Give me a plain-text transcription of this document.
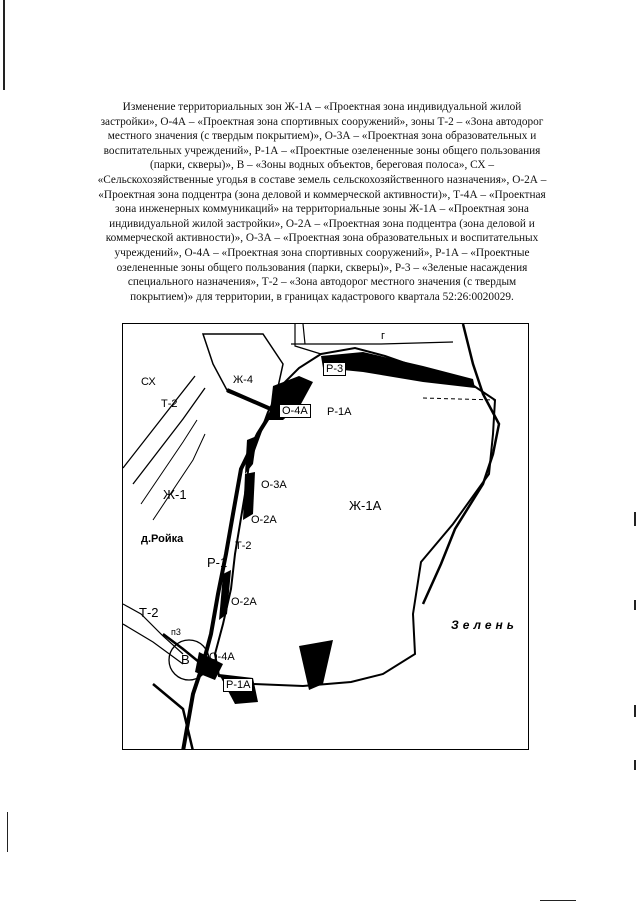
Изменение территориальных зон Ж-1А – «Проектная зона индивидуальной жилой застройки», О-4А – «Проектная зона спортивных сооружений», зоны Т-2 – «Зона автодорог местного значения (с твердым покрытием)», О-3А – «Проектная зона образовательных и воспитательных учреждений», Р-1А – «Проектные озелененные зоны общего пользования (парки, скверы)», В – «Зоны водных объектов, береговая полоса», СХ – «Сельскохозяйственные угодья в составе земель сельскохозяйственного назначения», О-2А – «Проектная зона подцентра (зона деловой и коммерческой активности)», Т-4А – «Проектная зона инженерных коммуникаций» на территориальные зоны Ж-1А – «Проектная зона индивидуальной жилой застройки», О-2А – «Проектная зона подцентра (зона деловой и коммерческой активности)», О-3А – «Проектная зона образовательных и воспитательных учреждений», О-4А – «Проектная зона спортивных сооружений», Р-1А – «Проектные озелененные зоны общего пользования (парки, скверы)», Р-3 – «Зеленые насаждения специального назначения», Т-2 – «Зона автодорог местного значения (с твердым покрытием)» для территории, в границах кадастрового квартала 52:26:0020029.

СХ	Ж-4
Т-2
Р-3
О-4А Р-1А
г
Ж-1
О-3А
О-2А
Ж-1А
д.Ройка
Т-2
Р-1
О-2А
Т-2
п3
В О-4А
Р-1А
Зелень
